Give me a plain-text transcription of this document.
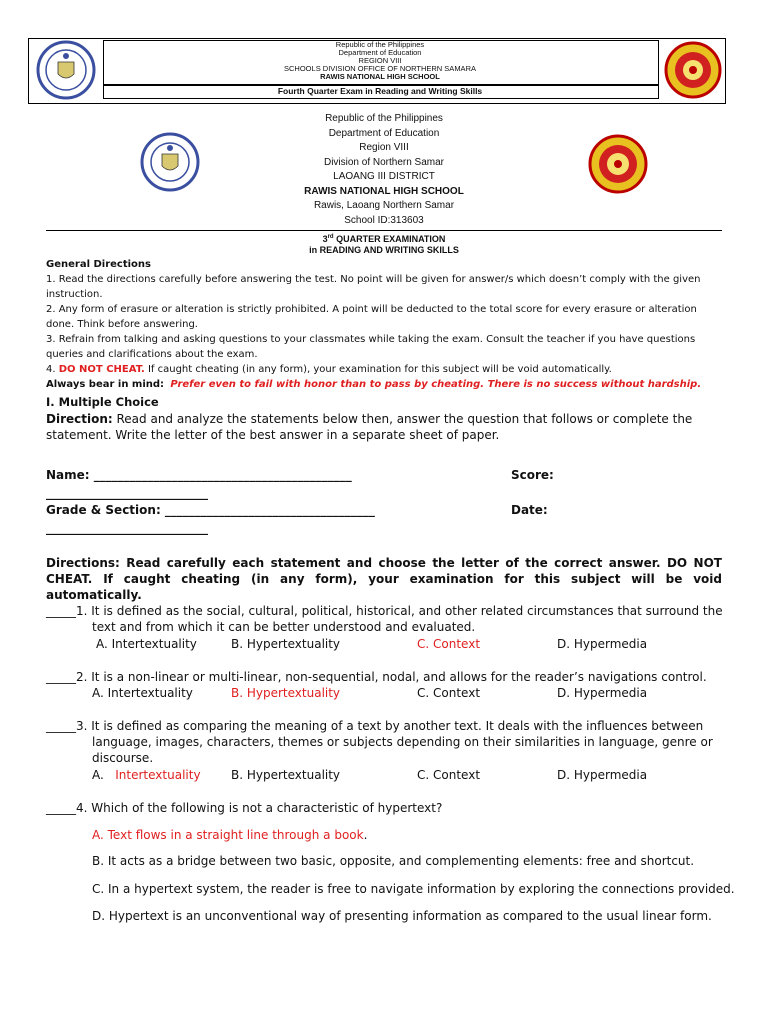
Republic of the Philippines
Department of Education
REGION VIII
SCHOOLS DIVISION OFFICE OF NORTHERN SAMARA
RAWIS NATIONAL HIGH SCHOOL
Fourth Quarter Exam in Reading and Writing Skills
Republic of the Philippines
Department of Education
Region VIII
Division of Northern Samar
LAOANG III DISTRICT
RAWIS NATIONAL HIGH SCHOOL
Rawis, Laoang Northern Samar
School ID:313603
3rd QUARTER EXAMINATION
in READING AND WRITING SKILLS
General Directions
1. Read the directions carefully before answering the test. No point will be given for answer/s which doesn’t comply with the given instruction.
2. Any form of erasure or alteration is strictly prohibited. A point will be deducted to the total score for every erasure or alteration done. Think before answering.
3. Refrain from talking and asking questions to your classmates while taking the exam. Consult the teacher if you have questions queries and clarifications about the exam.
4. DO NOT CHEAT. If caught cheating (in any form), your examination for this subject will be void automatically.
Always bear in mind: Prefer even to fail with honor than to pass by cheating. There is no success without hardship.
I. Multiple Choice
Direction: Read and analyze the statements below then, answer the question that follows or complete the statement. Write the letter of the best answer in a separate sheet of paper.
Name: ___________________________________________	Score:
___________________________
Grade & Section: ___________________________________	Date:
___________________________
Directions: Read carefully each statement and choose the letter of the correct answer. DO NOT CHEAT. If caught cheating (in any form), your examination for this subject will be void automatically.
_____1. It is defined as the social, cultural, political, historical, and other related circumstances that surround the
text and from which it can be better understood and evaluated.
A. Intertextuality	B. Hypertextuality	C. Context	D. Hypermedia
_____2. It is a non-linear or multi-linear, non-sequential, nodal, and allows for the reader’s navigations control.
A. Intertextuality	B. Hypertextuality	C. Context	D. Hypermedia
_____3. It is defined as comparing the meaning of a text by another text. It deals with the influences between
language, images, characters, themes or subjects depending on their similarities in language, genre or
discourse.
A. Intertextuality	B. Hypertextuality	C. Context	D. Hypermedia
_____4. Which of the following is not a characteristic of hypertext?
A. Text flows in a straight line through a book.
B. It acts as a bridge between two basic, opposite, and complementing elements: free and shortcut.
C. In a hypertext system, the reader is free to navigate information by exploring the connections provided.
D. Hypertext is an unconventional way of presenting information as compared to the usual linear form.
